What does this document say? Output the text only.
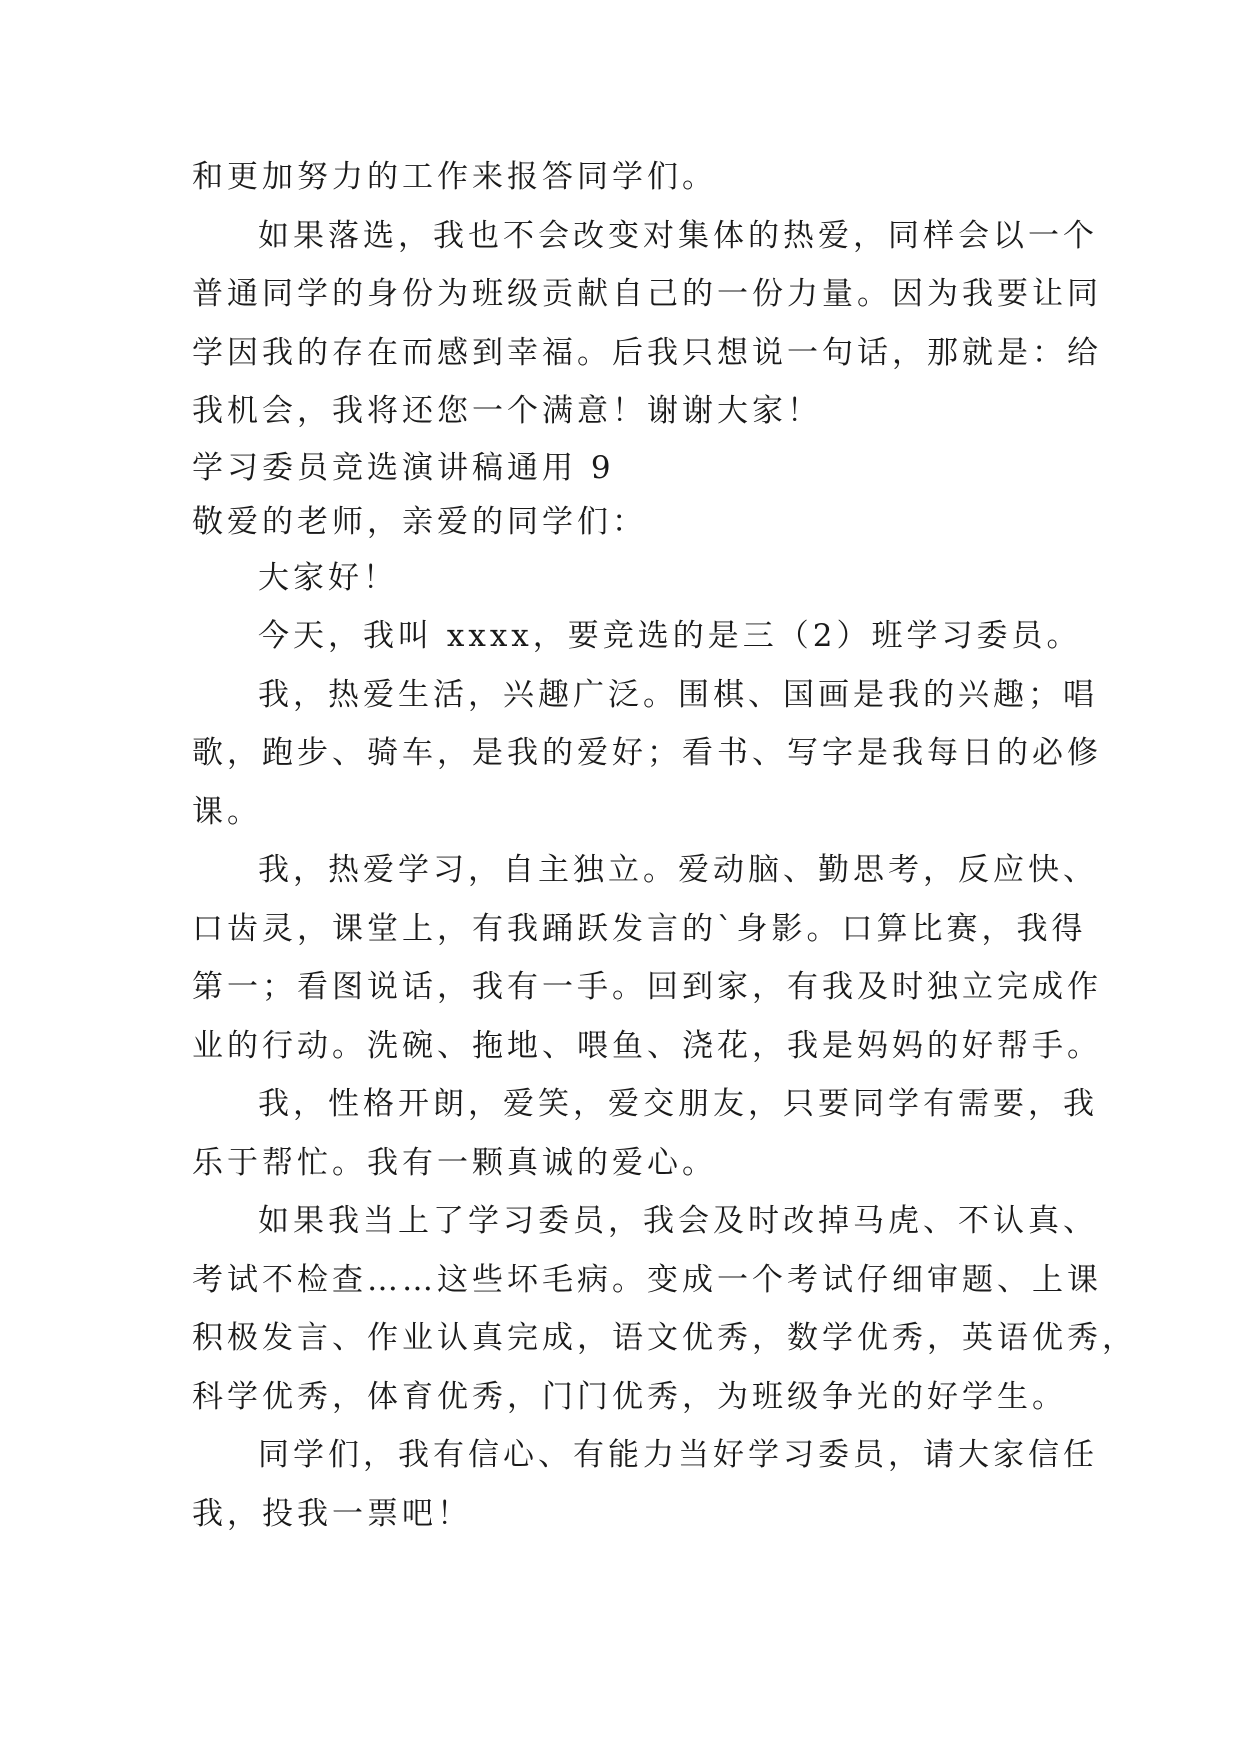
和更加努力的工作来报答同学们。

如果落选，我也不会改变对集体的热爱，同样会以一个

普通同学的身份为班级贡献自己的一份力量。因为我要让同

学因我的存在而感到幸福。后我只想说一句话，那就是：给

我机会，我将还您一个满意！谢谢大家！

学习委员竞选演讲稿通用 9

敬爱的老师，亲爱的同学们：

大家好！

今天，我叫 xxxx，要竞选的是三（2）班学习委员。

我，热爱生活，兴趣广泛。围棋、国画是我的兴趣；唱

歌，跑步、骑车，是我的爱好；看书、写字是我每日的必修

课。

我，热爱学习，自主独立。爱动脑、勤思考，反应快、

口齿灵，课堂上，有我踊跃发言的`身影。口算比赛，我得

第一；看图说话，我有一手。回到家，有我及时独立完成作

业的行动。洗碗、拖地、喂鱼、浇花，我是妈妈的好帮手。

我，性格开朗，爱笑，爱交朋友，只要同学有需要，我

乐于帮忙。我有一颗真诚的爱心。

如果我当上了学习委员，我会及时改掉马虎、不认真、

考试不检查……这些坏毛病。变成一个考试仔细审题、上课

积极发言、作业认真完成，语文优秀，数学优秀，英语优秀，

科学优秀，体育优秀，门门优秀，为班级争光的好学生。

同学们，我有信心、有能力当好学习委员，请大家信任

我，投我一票吧！
